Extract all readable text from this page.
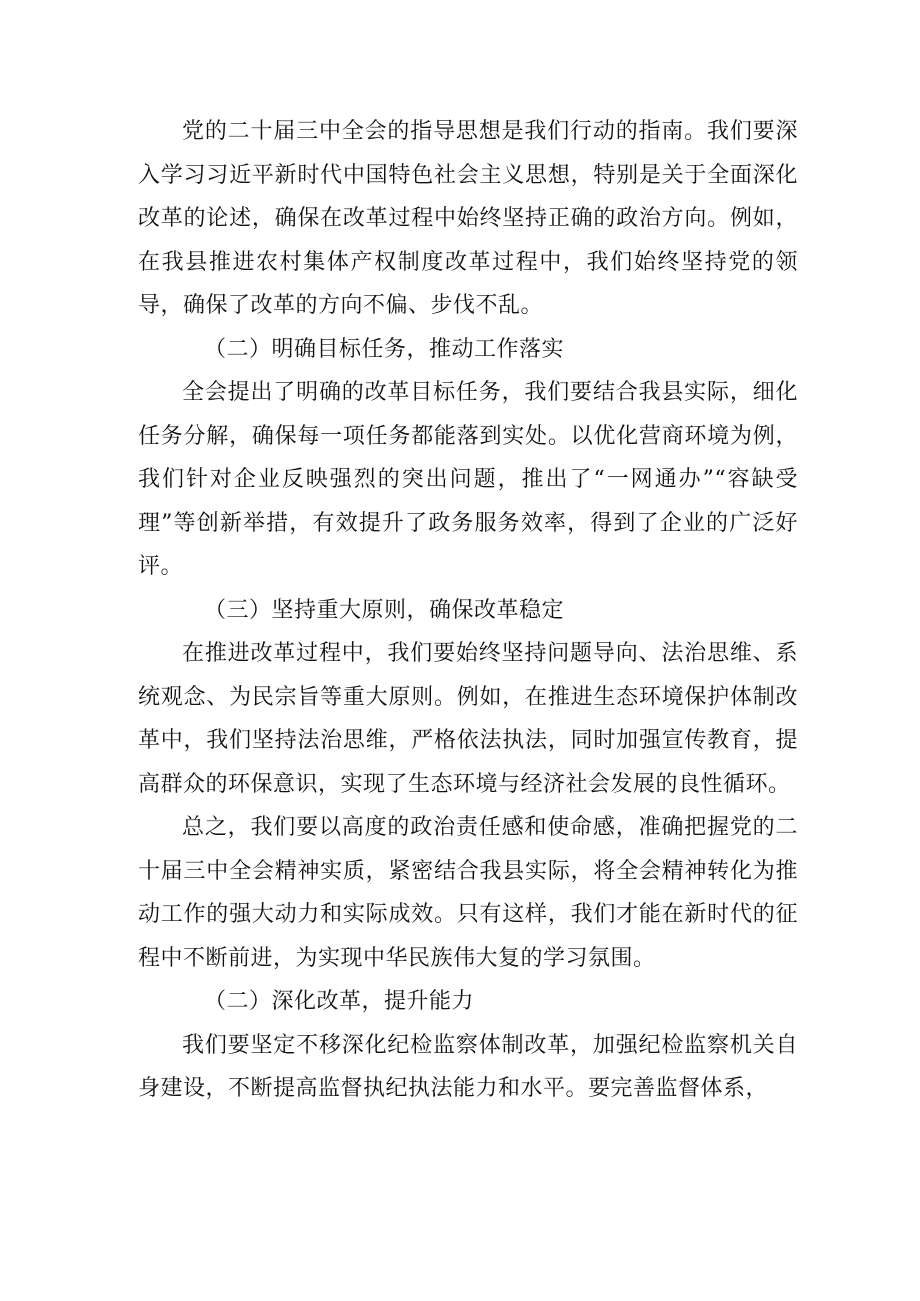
党的二十届三中全会的指导思想是我们行动的指南。我们要深入学习习近平新时代中国特色社会主义思想，特别是关于全面深化改革的论述，确保在改革过程中始终坚持正确的政治方向。例如，在我县推进农村集体产权制度改革过程中，我们始终坚持党的领导，确保了改革的方向不偏、步伐不乱。

（二）明确目标任务，推动工作落实

全会提出了明确的改革目标任务，我们要结合我县实际，细化任务分解，确保每一项任务都能落到实处。以优化营商环境为例，我们针对企业反映强烈的突出问题，推出了“一网通办”“容缺受理”等创新举措，有效提升了政务服务效率，得到了企业的广泛好评。

（三）坚持重大原则，确保改革稳定

在推进改革过程中，我们要始终坚持问题导向、法治思维、系统观念、为民宗旨等重大原则。例如，在推进生态环境保护体制改革中，我们坚持法治思维，严格依法执法，同时加强宣传教育，提高群众的环保意识，实现了生态环境与经济社会发展的良性循环。

总之，我们要以高度的政治责任感和使命感，准确把握党的二十届三中全会精神实质，紧密结合我县实际，将全会精神转化为推动工作的强大动力和实际成效。只有这样，我们才能在新时代的征程中不断前进，为实现中华民族伟大复的学习氛围。

（二）深化改革，提升能力

我们要坚定不移深化纪检监察体制改革，加强纪检监察机关自身建设，不断提高监督执纪执法能力和水平。要完善监督体系，
